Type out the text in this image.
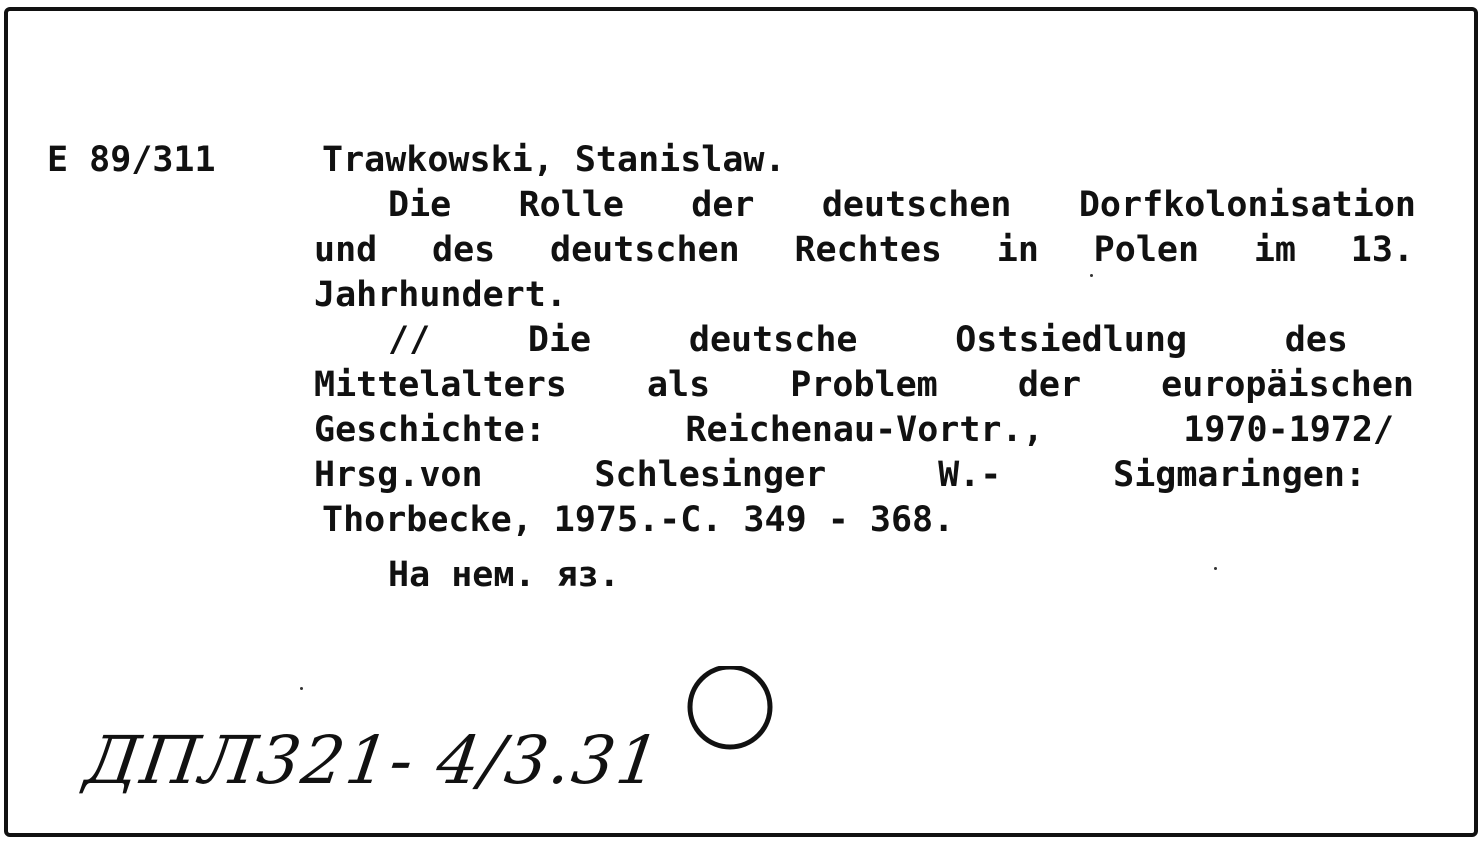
E 89/311	Trawkowski, Stanislaw.
Die Rolle der deutschen Dorfkolonisation
und des deutschen Rechtes in Polen im 13.
Jahrhundert.
// Die deutsche Ostsiedlung des
Mittelalters als Problem der europäischen
Geschichte: Reichenau-Vortr., 1970-1972/
Hrsg.von Schlesinger W.- Sigmaringen:
Thorbecke, 1975.-C. 349 - 368.
На нем. яз.
ДПЛ321- 4/3.31
